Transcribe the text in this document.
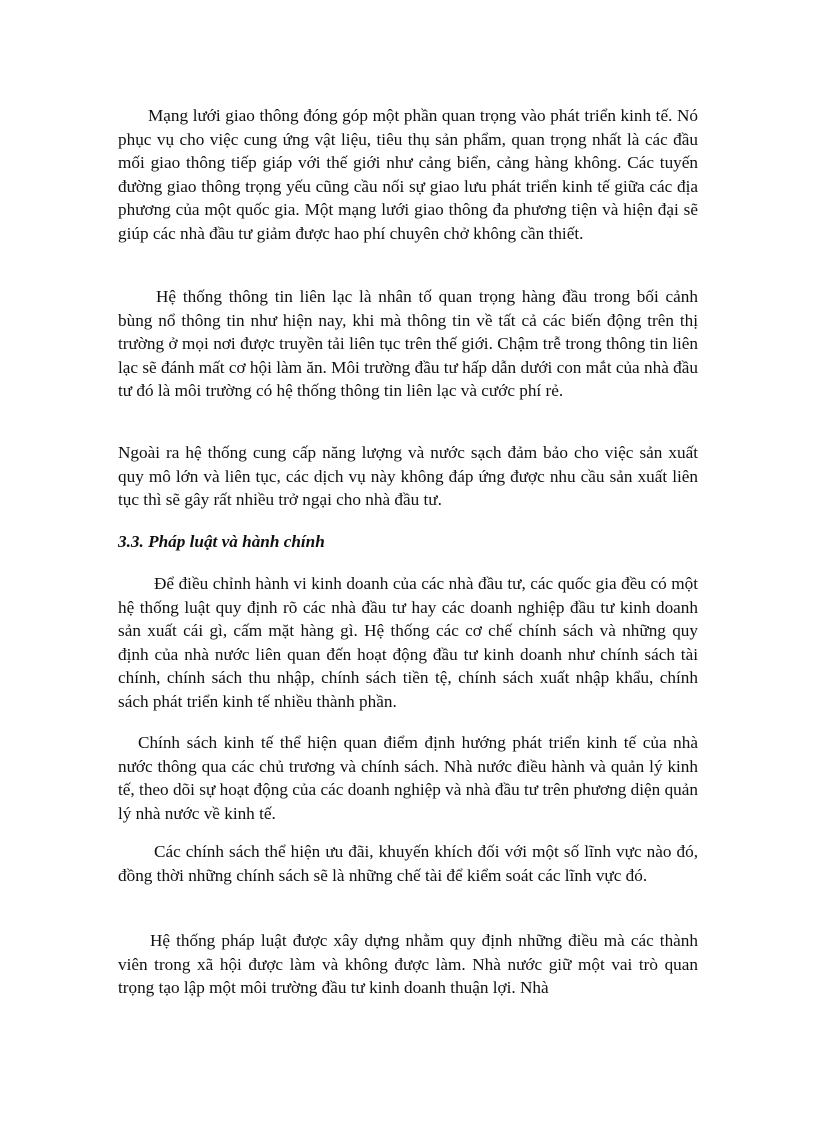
Mạng lưới giao thông đóng góp một phần quan trọng vào phát triển kinh tế. Nó phục vụ cho việc cung ứng vật liệu, tiêu thụ sản phẩm, quan trọng nhất là các đầu mối giao thông tiếp giáp với thế giới như cảng biển, cảng hàng không. Các tuyến đường giao thông trọng yếu cũng cầu nối sự giao lưu phát triển kinh tế giữa các địa phương của một quốc gia. Một mạng lưới giao thông đa phương tiện và hiện đại sẽ giúp các nhà đầu tư giảm được hao phí chuyên chở không cần thiết.

Hệ thống thông tin liên lạc là nhân tố quan trọng hàng đầu trong bối cảnh bùng nổ thông tin như hiện nay, khi mà thông tin về tất cả các biến động trên thị trường ở mọi nơi được truyền tải liên tục trên thế giới. Chậm trễ trong thông tin liên lạc sẽ đánh mất cơ hội làm ăn. Môi trường đầu tư hấp dẫn dưới con mắt của nhà đầu tư đó là môi trường có hệ thống thông tin liên lạc và cước phí rẻ.

Ngoài ra hệ thống cung cấp năng lượng và nước sạch đảm bảo cho việc sản xuất quy mô lớn và liên tục, các dịch vụ này không đáp ứng được nhu cầu sản xuất liên tục thì sẽ gây rất nhiều trở ngại cho nhà đầu tư.

3.3. Pháp luật và hành chính

Để điều chỉnh hành vi kinh doanh của các nhà đầu tư, các quốc gia đều có một hệ thống luật quy định rõ các nhà đầu tư hay các doanh nghiệp đầu tư kinh doanh sản xuất cái gì, cấm mặt hàng gì. Hệ thống các cơ chế chính sách và những quy định của nhà nước liên quan đến hoạt động đầu tư kinh doanh như chính sách tài chính, chính sách thu nhập, chính sách tiền tệ, chính sách xuất nhập khẩu, chính sách phát triển kinh tế nhiều thành phần.

Chính sách kinh tế thể hiện quan điểm định hướng phát triển kinh tế của nhà nước thông qua các chủ trương và chính sách. Nhà nước điều hành và quản lý kinh tế, theo dõi sự hoạt động của các doanh nghiệp và nhà đầu tư trên phương diện quản lý nhà nước về kinh tế.

Các chính sách thể hiện ưu đãi, khuyến khích đối với một số lĩnh vực nào đó, đồng thời những chính sách sẽ là những chế tài để kiểm soát các lĩnh vực đó.

Hệ thống pháp luật được xây dựng nhằm quy định những điều mà các thành viên trong xã hội được làm và không được làm. Nhà nước giữ một vai trò quan trọng tạo lập một môi trường đầu tư kinh doanh thuận lợi. Nhà
